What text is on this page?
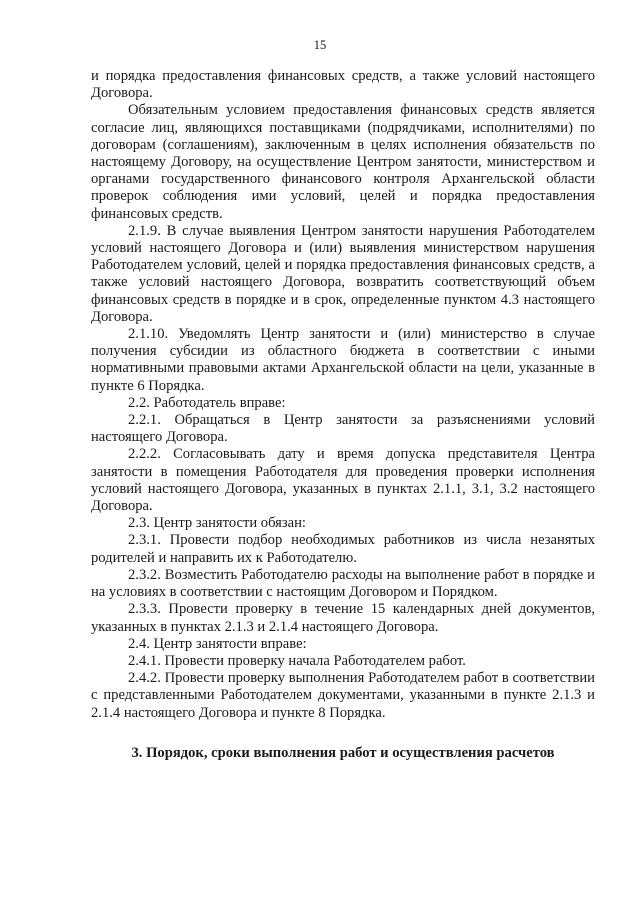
15

и порядка предоставления финансовых средств, а также условий настоящего Договора.

Обязательным условием предоставления финансовых средств является согласие лиц, являющихся поставщиками (подрядчиками, исполнителями) по договорам (соглашениям), заключенным в целях исполнения обязательств по настоящему Договору, на осуществление Центром занятости, министерством и органами государственного финансового контроля Архангельской области проверок соблюдения ими условий, целей и порядка предоставления финансовых средств.

2.1.9. В случае выявления Центром занятости нарушения Работодателем условий настоящего Договора и (или) выявления министерством нарушения Работодателем условий, целей и порядка предоставления финансовых средств, а также условий настоящего Договора, возвратить соответствующий объем финансовых средств в порядке и в срок, определенные пунктом 4.3 настоящего Договора.

2.1.10. Уведомлять Центр занятости и (или) министерство в случае получения субсидии из областного бюджета в соответствии с иными нормативными правовыми актами Архангельской области на цели, указанные в пункте 6 Порядка.

2.2. Работодатель вправе:

2.2.1. Обращаться в Центр занятости за разъяснениями условий настоящего Договора.

2.2.2. Согласовывать дату и время допуска представителя Центра занятости в помещения Работодателя для проведения проверки исполнения условий настоящего Договора, указанных в пунктах 2.1.1, 3.1, 3.2 настоящего Договора.

2.3. Центр занятости обязан:

2.3.1. Провести подбор необходимых работников из числа незанятых родителей и направить их к Работодателю.

2.3.2. Возместить Работодателю расходы на выполнение работ в порядке и на условиях в соответствии с настоящим Договором и Порядком.

2.3.3. Провести проверку в течение 15 календарных дней документов, указанных в пунктах 2.1.3 и 2.1.4 настоящего Договора.

2.4. Центр занятости вправе:

2.4.1. Провести проверку начала Работодателем работ.

2.4.2. Провести проверку выполнения Работодателем работ в соответствии с представленными Работодателем документами, указанными в пункте 2.1.3 и 2.1.4 настоящего Договора и пункте 8 Порядка.

3. Порядок, сроки выполнения работ и осуществления расчетов
